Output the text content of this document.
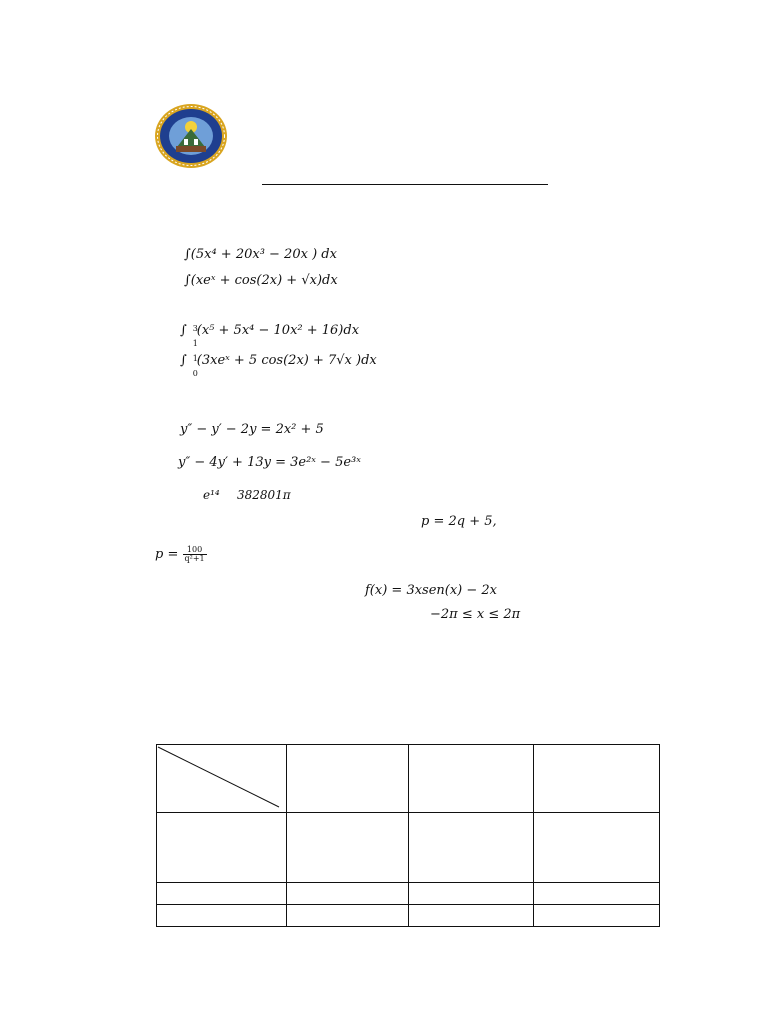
∫(5x⁴ + 20x³ − 20x ) dx
∫(xeˣ + cos(2x) + √x)dx
∫ 3
1
(x⁵ + 5x⁴ − 10x² + 16)dx
∫ 1
0
(3xeˣ + 5 cos(2x) + 7√x )dx
y″ − y′ − 2y = 2x² + 5
y″ − 4y′ + 13y = 3e²ˣ − 5e³ˣ
e¹⁴ 382801π
p = 2q + 5,
$p = \frac{100}{\text{q²+1}}$
f(x) = 3xsen(x) − 2x
−2π ≤ x ≤ 2π
